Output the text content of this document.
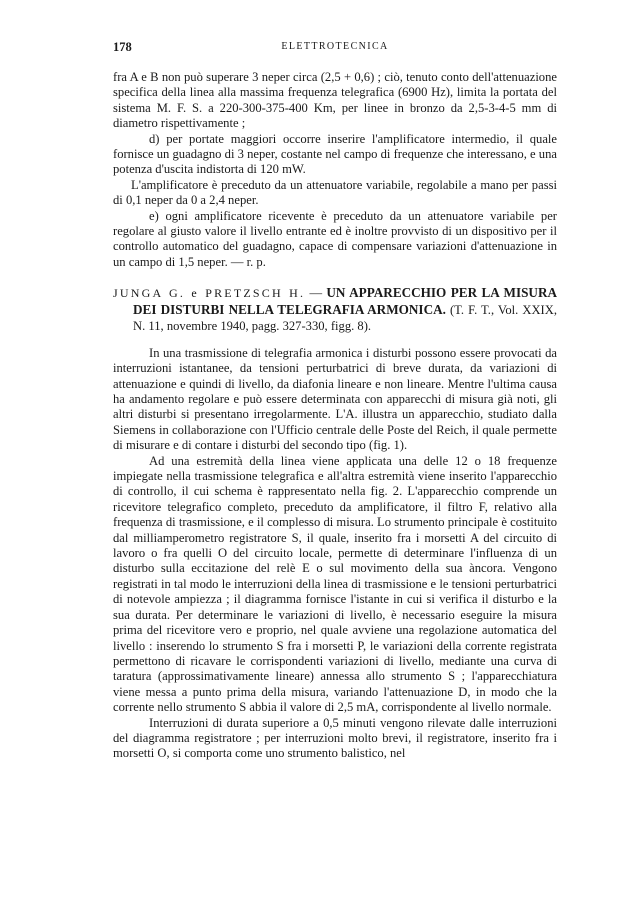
178	ELETTROTECNICA

fra A e B non può superare 3 neper circa (2,5 + 0,6) ; ciò, tenuto conto dell'attenuazione specifica della linea alla massima frequenza telegrafica (6900 Hz), limita la portata del sistema M. F. S. a 220-300-375-400 Km, per linee in bronzo da 2,5-3-4-5 mm di diametro rispettivamente ;

d) per portate maggiori occorre inserire l'amplificatore intermedio, il quale fornisce un guadagno di 3 neper, costante nel campo di frequenze che interessano, e una potenza d'uscita indistorta di 120 mW.

L'amplificatore è preceduto da un attenuatore variabile, regolabile a mano per passi di 0,1 neper da 0 a 2,4 neper.

e) ogni amplificatore ricevente è preceduto da un attenuatore variabile per regolare al giusto valore il livello entrante ed è inoltre provvisto di un dispositivo per il controllo automatico del guadagno, capace di compensare variazioni d'attenuazione in un campo di 1,5 neper. — r. p.

JUNGA G. e PRETZSCH H. — UN APPARECCHIO PER LA MISURA DEI DISTURBI NELLA TELEGRAFIA ARMONICA. (T. F. T., Vol. XXIX, N. 11, novembre 1940, pagg. 327-330, figg. 8).

In una trasmissione di telegrafia armonica i disturbi possono essere provocati da interruzioni istantanee, da tensioni perturbatrici di breve durata, da variazioni di attenuazione e quindi di livello, da diafonia lineare e non lineare. Mentre l'ultima causa ha andamento regolare e può essere determinata con apparecchi di misura già noti, gli altri disturbi si presentano irregolarmente. L'A. illustra un apparecchio, studiato dalla Siemens in collaborazione con l'Ufficio centrale delle Poste del Reich, il quale permette di misurare e di contare i disturbi del secondo tipo (fig. 1).

Ad una estremità della linea viene applicata una delle 12 o 18 frequenze impiegate nella trasmissione telegrafica e all'altra estremità viene inserito l'apparecchio di controllo, il cui schema è rappresentato nella fig. 2. L'apparecchio comprende un ricevitore telegrafico completo, preceduto da amplificatore, il filtro F, relativo alla frequenza di trasmissione, e il complesso di misura. Lo strumento principale è costituito dal milliamperometro registratore S, il quale, inserito fra i morsetti A del circuito di lavoro o fra quelli O del circuito locale, permette di determinare l'influenza di un disturbo sulla eccitazione del relè E o sul movimento della sua àncora. Vengono registrati in tal modo le interruzioni della linea di trasmissione e le tensioni perturbatrici di notevole ampiezza ; il diagramma fornisce l'istante in cui si verifica il disturbo e la sua durata. Per determinare le variazioni di livello, è necessario eseguire la misura prima del ricevitore vero e proprio, nel quale avviene una regolazione automatica del livello : inserendo lo strumento S fra i morsetti P, le variazioni della corrente registrata permettono di ricavare le corrispondenti variazioni di livello, mediante una curva di taratura (approssimativamente lineare) annessa allo strumento S ; l'apparecchiatura viene messa a punto prima della misura, variando l'attenuazione D, in modo che la corrente nello strumento S abbia il valore di 2,5 mA, corrispondente al livello normale.

Interruzioni di durata superiore a 0,5 minuti vengono rilevate dalle interruzioni del diagramma registratore ; per interruzioni molto brevi, il registratore, inserito fra i morsetti O, si comporta come uno strumento balistico, nel
